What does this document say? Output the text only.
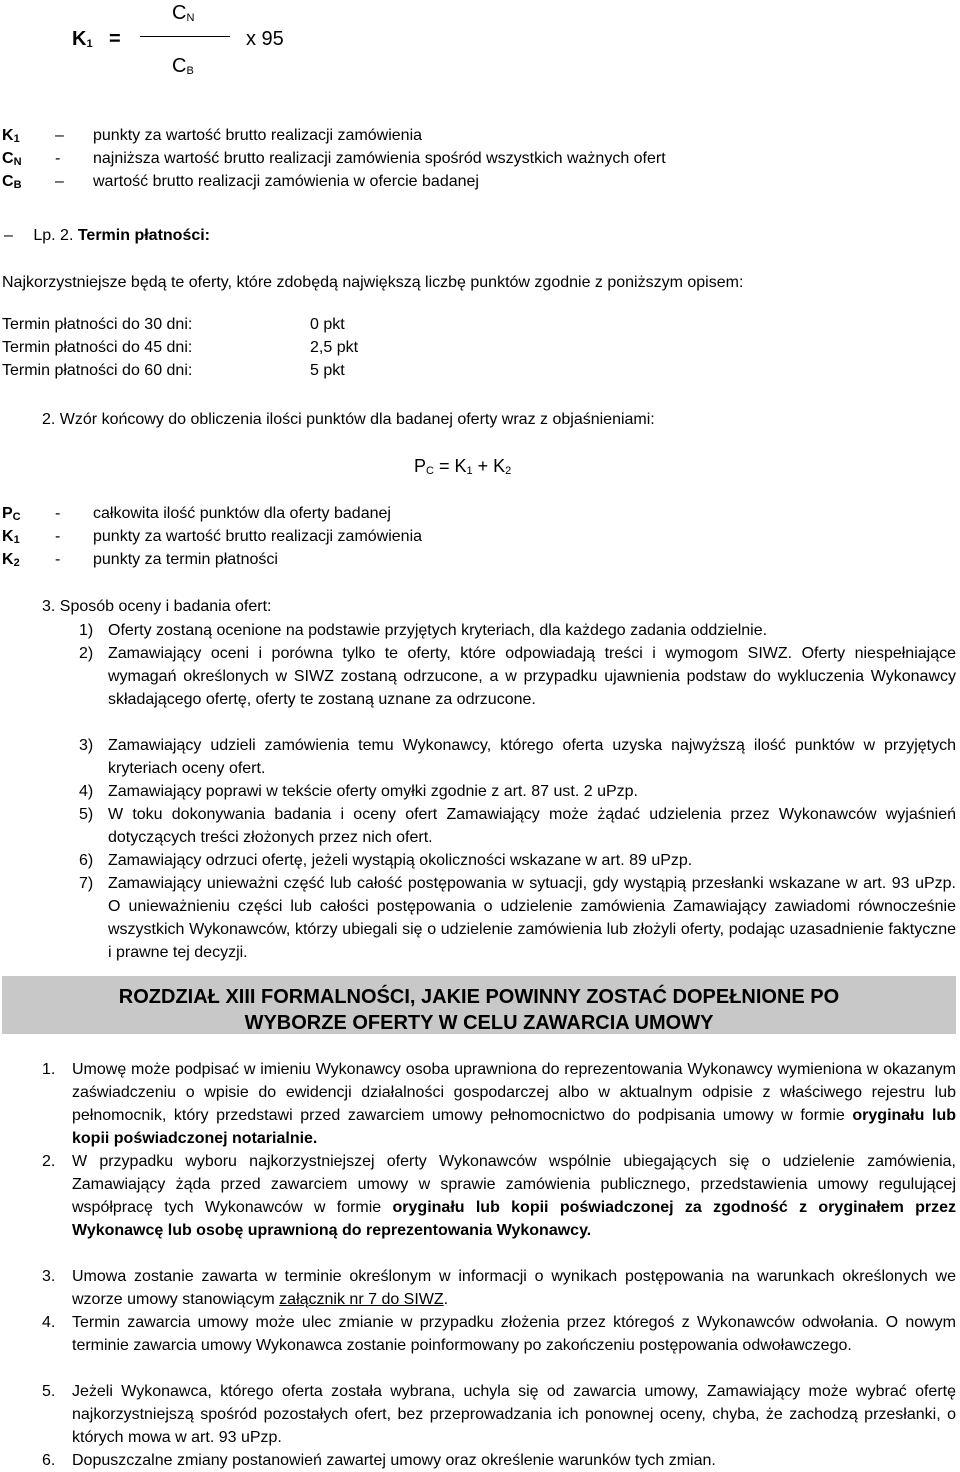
$K_1$ =
$C_N$
$C_B$
x 95
$K_1$ – punkty za wartość brutto realizacji zamówienia
$C_N$ - najniższa wartość brutto realizacji zamówienia spośród wszystkich ważnych ofert
$C_B$ – wartość brutto realizacji zamówienia w ofercie badanej
– Lp. 2. Termin płatności:
Najkorzystniejsze będą te oferty, które zdobędą największą liczbę punktów zgodnie z poniższym opisem:
Termin płatności do 30 dni:	0 pkt
Termin płatności do 45 dni:	2,5 pkt
Termin płatności do 60 dni:	5 pkt
2. Wzór końcowy do obliczenia ilości punktów dla badanej oferty wraz z objaśnieniami:
$P_C = K_1 + K_2$
$P_C$ - całkowita ilość punktów dla oferty badanej
$K_1$ - punkty za wartość brutto realizacji zamówienia
$K_2$ - punkty za termin płatności
3. Sposób oceny i badania ofert:
1) Oferty zostaną ocenione na podstawie przyjętych kryteriach, dla każdego zadania oddzielnie.
2) Zamawiający oceni i porówna tylko te oferty, które odpowiadają treści i wymogom SIWZ. Oferty niespełniające wymagań określonych w SIWZ zostaną odrzucone, a w przypadku ujawnienia podstaw do wykluczenia Wykonawcy składającego ofertę, oferty te zostaną uznane za odrzucone.
3) Zamawiający udzieli zamówienia temu Wykonawcy, którego oferta uzyska najwyższą ilość punktów w przyjętych kryteriach oceny ofert.
4) Zamawiający poprawi w tekście oferty omyłki zgodnie z art. 87 ust. 2 uPzp.
5) W toku dokonywania badania i oceny ofert Zamawiający może żądać udzielenia przez Wykonawców wyjaśnień dotyczących treści złożonych przez nich ofert.
6) Zamawiający odrzuci ofertę, jeżeli wystąpią okoliczności wskazane w art. 89 uPzp.
7) Zamawiający unieważni część lub całość postępowania w sytuacji, gdy wystąpią przesłanki wskazane w art. 93 uPzp. O unieważnieniu części lub całości postępowania o udzielenie zamówienia Zamawiający zawiadomi równocześnie wszystkich Wykonawców, którzy ubiegali się o udzielenie zamówienia lub złożyli oferty, podając uzasadnienie faktyczne i prawne tej decyzji.
ROZDZIAŁ XIII FORMALNOŚCI, JAKIE POWINNY ZOSTAĆ DOPEŁNIONE PO
WYBORZE OFERTY W CELU ZAWARCIA UMOWY
1. Umowę może podpisać w imieniu Wykonawcy osoba uprawniona do reprezentowania Wykonawcy wymieniona w okazanym zaświadczeniu o wpisie do ewidencji działalności gospodarczej albo w aktualnym odpisie z właściwego rejestru lub pełnomocnik, który przedstawi przed zawarciem umowy pełnomocnictwo do podpisania umowy w formie oryginału lub kopii poświadczonej notarialnie.
2. W przypadku wyboru najkorzystniejszej oferty Wykonawców wspólnie ubiegających się o udzielenie zamówienia, Zamawiający żąda przed zawarciem umowy w sprawie zamówienia publicznego, przedstawienia umowy regulującej współpracę tych Wykonawców w formie oryginału lub kopii poświadczonej za zgodność z oryginałem przez Wykonawcę lub osobę uprawnioną do reprezentowania Wykonawcy.
3. Umowa zostanie zawarta w terminie określonym w informacji o wynikach postępowania na warunkach określonych we wzorze umowy stanowiącym załącznik nr 7 do SIWZ.
4. Termin zawarcia umowy może ulec zmianie w przypadku złożenia przez któregoś z Wykonawców odwołania. O nowym terminie zawarcia umowy Wykonawca zostanie poinformowany po zakończeniu postępowania odwoławczego.
5. Jeżeli Wykonawca, którego oferta została wybrana, uchyla się od zawarcia umowy, Zamawiający może wybrać ofertę najkorzystniejszą spośród pozostałych ofert, bez przeprowadzania ich ponownej oceny, chyba, że zachodzą przesłanki, o których mowa w art. 93 uPzp.
6. Dopuszczalne zmiany postanowień zawartej umowy oraz określenie warunków tych zmian.
